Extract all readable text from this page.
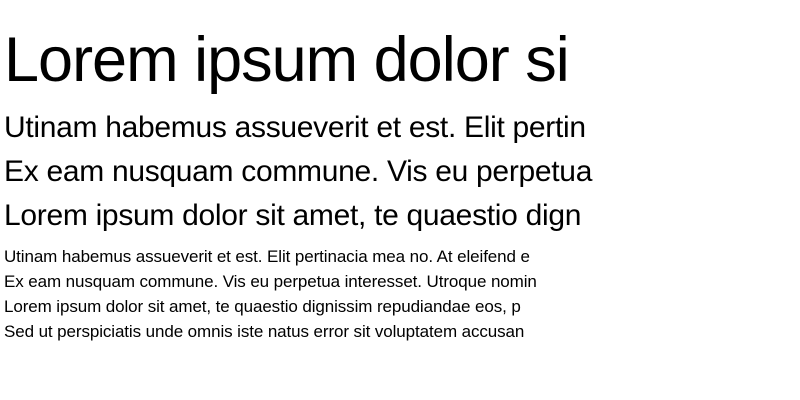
Lorem ipsum dolor si
Utinam habemus assueverit et est. Elit pertin
Ex eam nusquam commune. Vis eu perpetua
Lorem ipsum dolor sit amet, te quaestio dign
Utinam habemus assueverit et est. Elit pertinacia mea no. At eleifend e
Ex eam nusquam commune. Vis eu perpetua interesset. Utroque nomin
Lorem ipsum dolor sit amet, te quaestio dignissim repudiandae eos, p
Sed ut perspiciatis unde omnis iste natus error sit voluptatem accusan
